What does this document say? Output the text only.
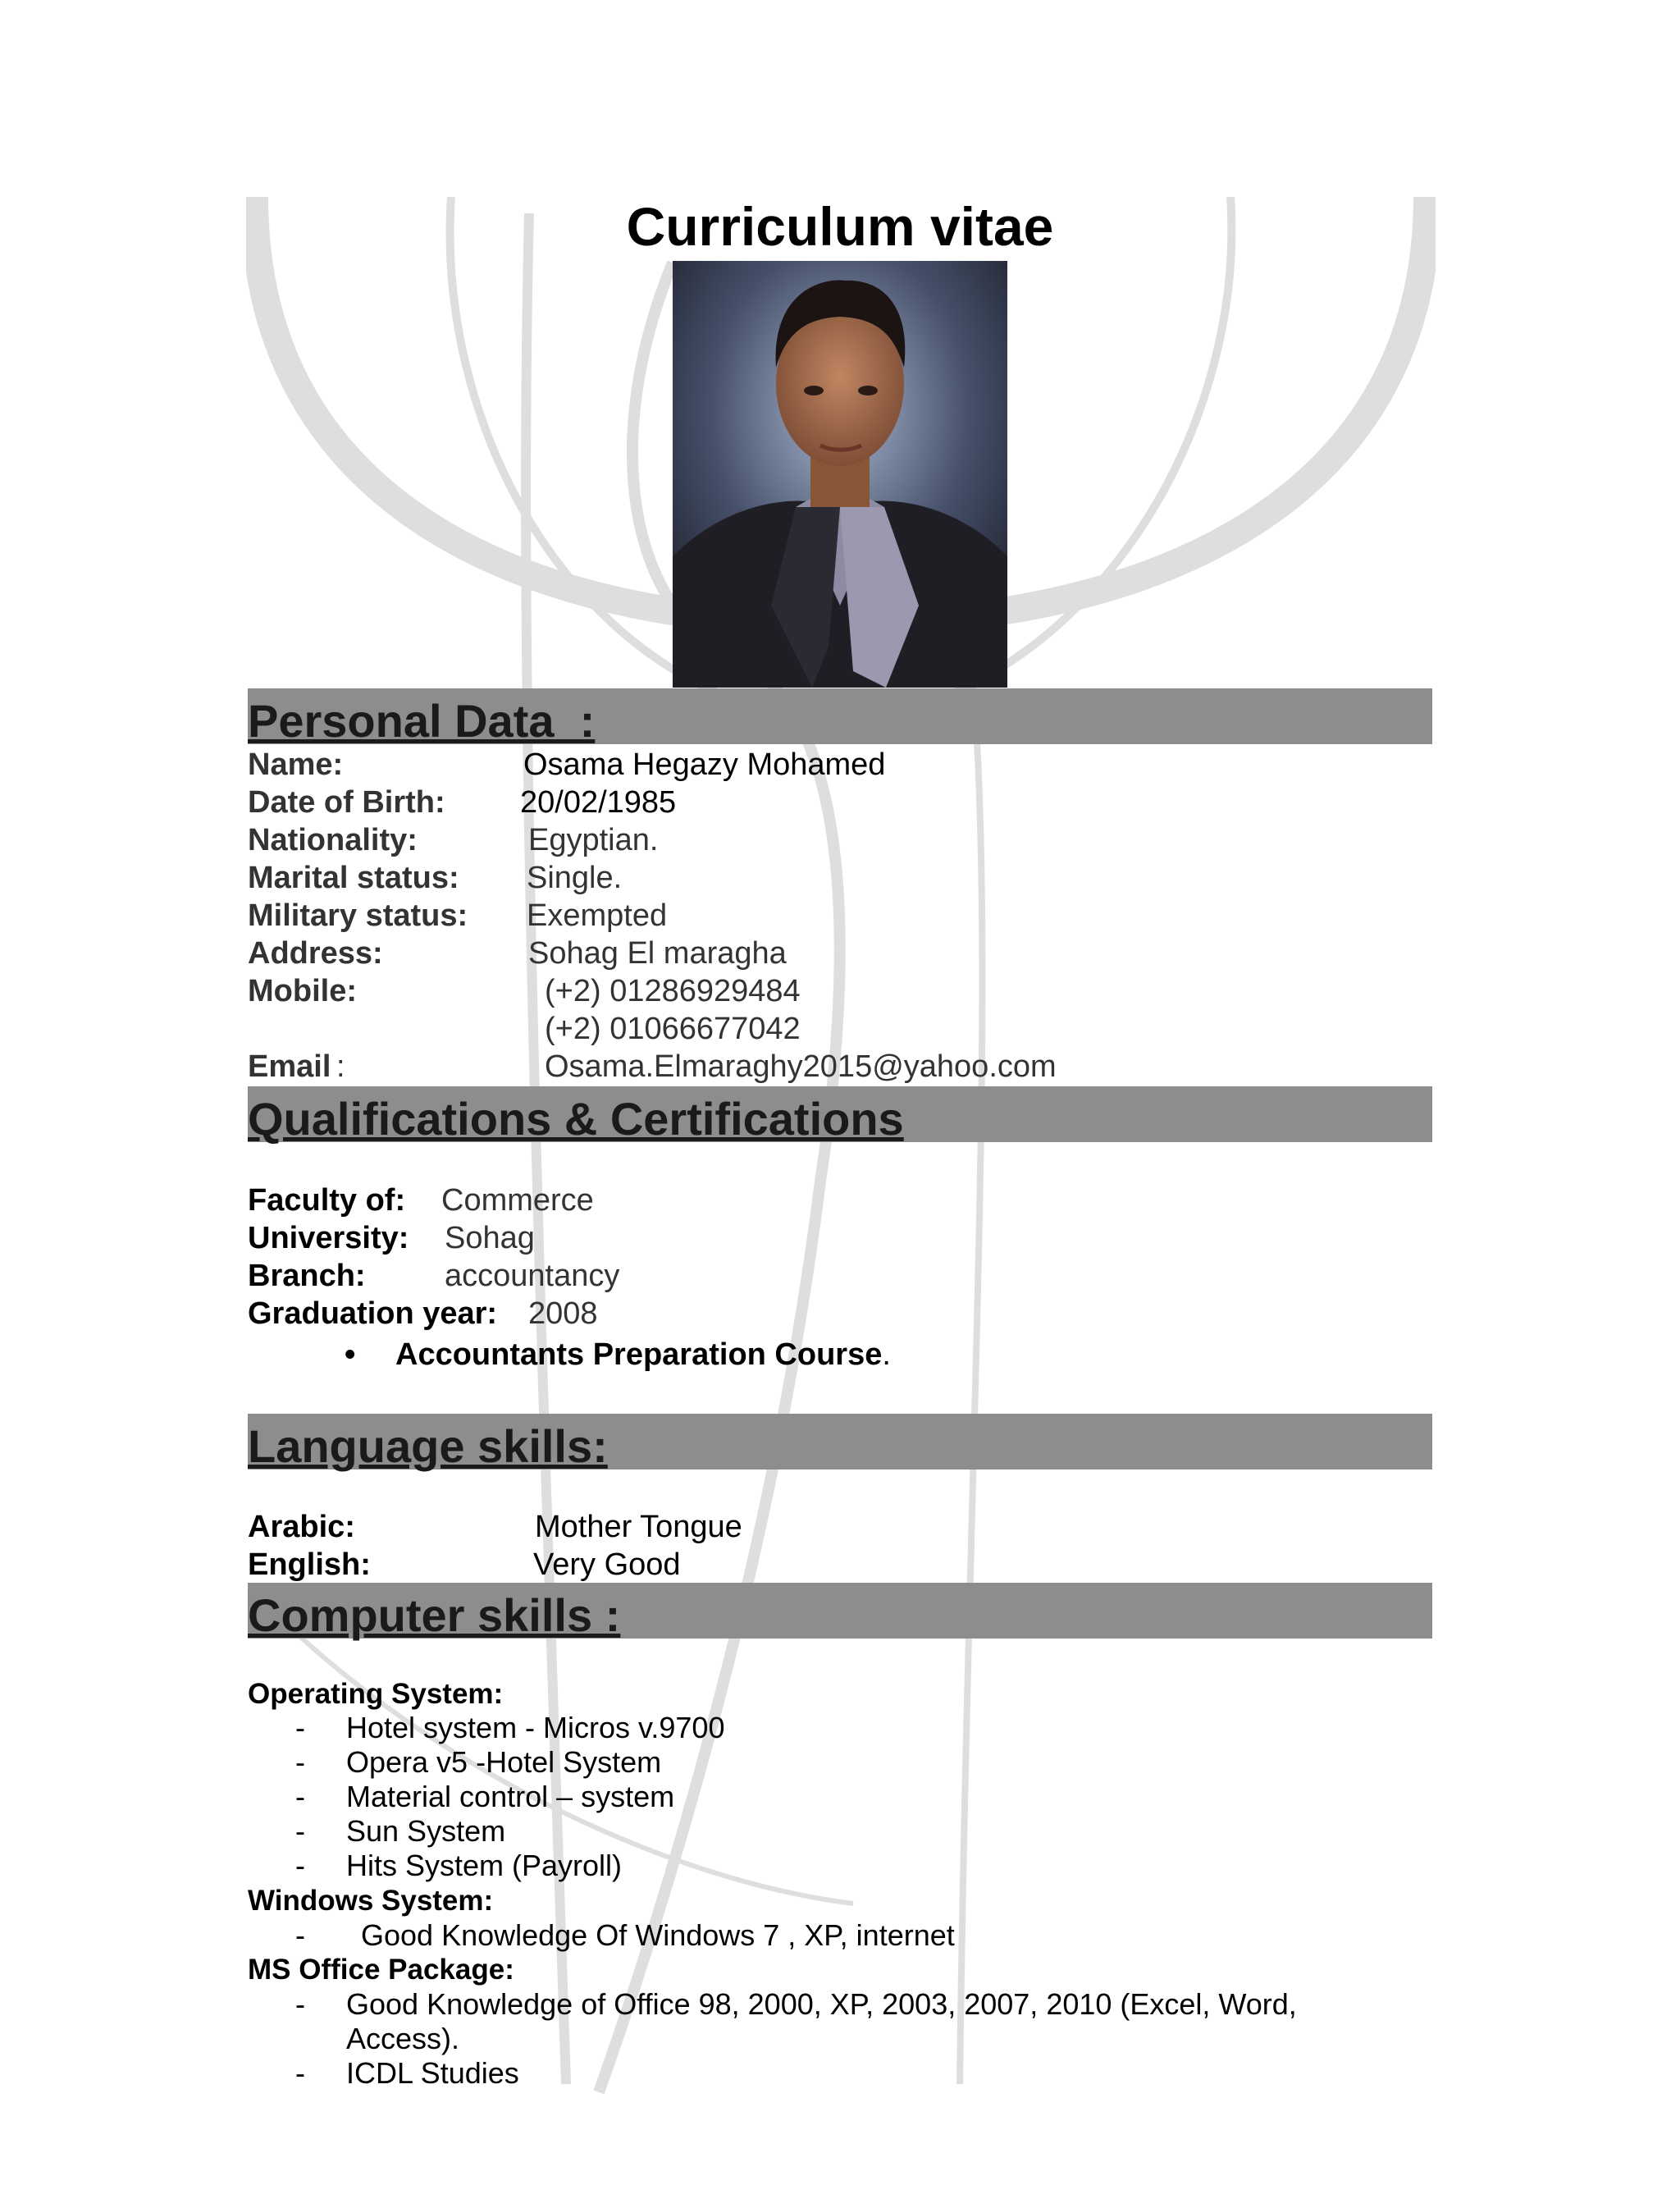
Curriculum vitae
Personal Data  :

Name:

	Osama Hegazy Mohamed

Date of Birth:

20/02/1985

Nationality:

	Egyptian.

Marital status:

Single.

Military status:

Exempted

Address:

	Sohag El maragha

Mobile:

	(+2) 01286929484

(+2) 01066677042

Email :

	Osama.Elmaraghy2015@yahoo.com

Qualifications & Certifications

Faculty of:

Commerce

University:

Sohag

Branch:

	accountancy

Graduation year:

2008

• Accountants Preparation Course.
Language skills:

Arabic:

	Mother Tongue

English:

	Very Good

Computer skills :
Operating System:

-

Hotel system - Micros v.9700

-

Opera v5 -Hotel System

-

Material control – system

-

Sun System

-

Hits System (Payroll)

Windows System:

-

Good Knowledge Of Windows 7 , XP, internet

MS Office Package:

-

Good Knowledge of Office 98, 2000, XP, 2003, 2007, 2010 (Excel, Word,

Access).

-

ICDL Studies
